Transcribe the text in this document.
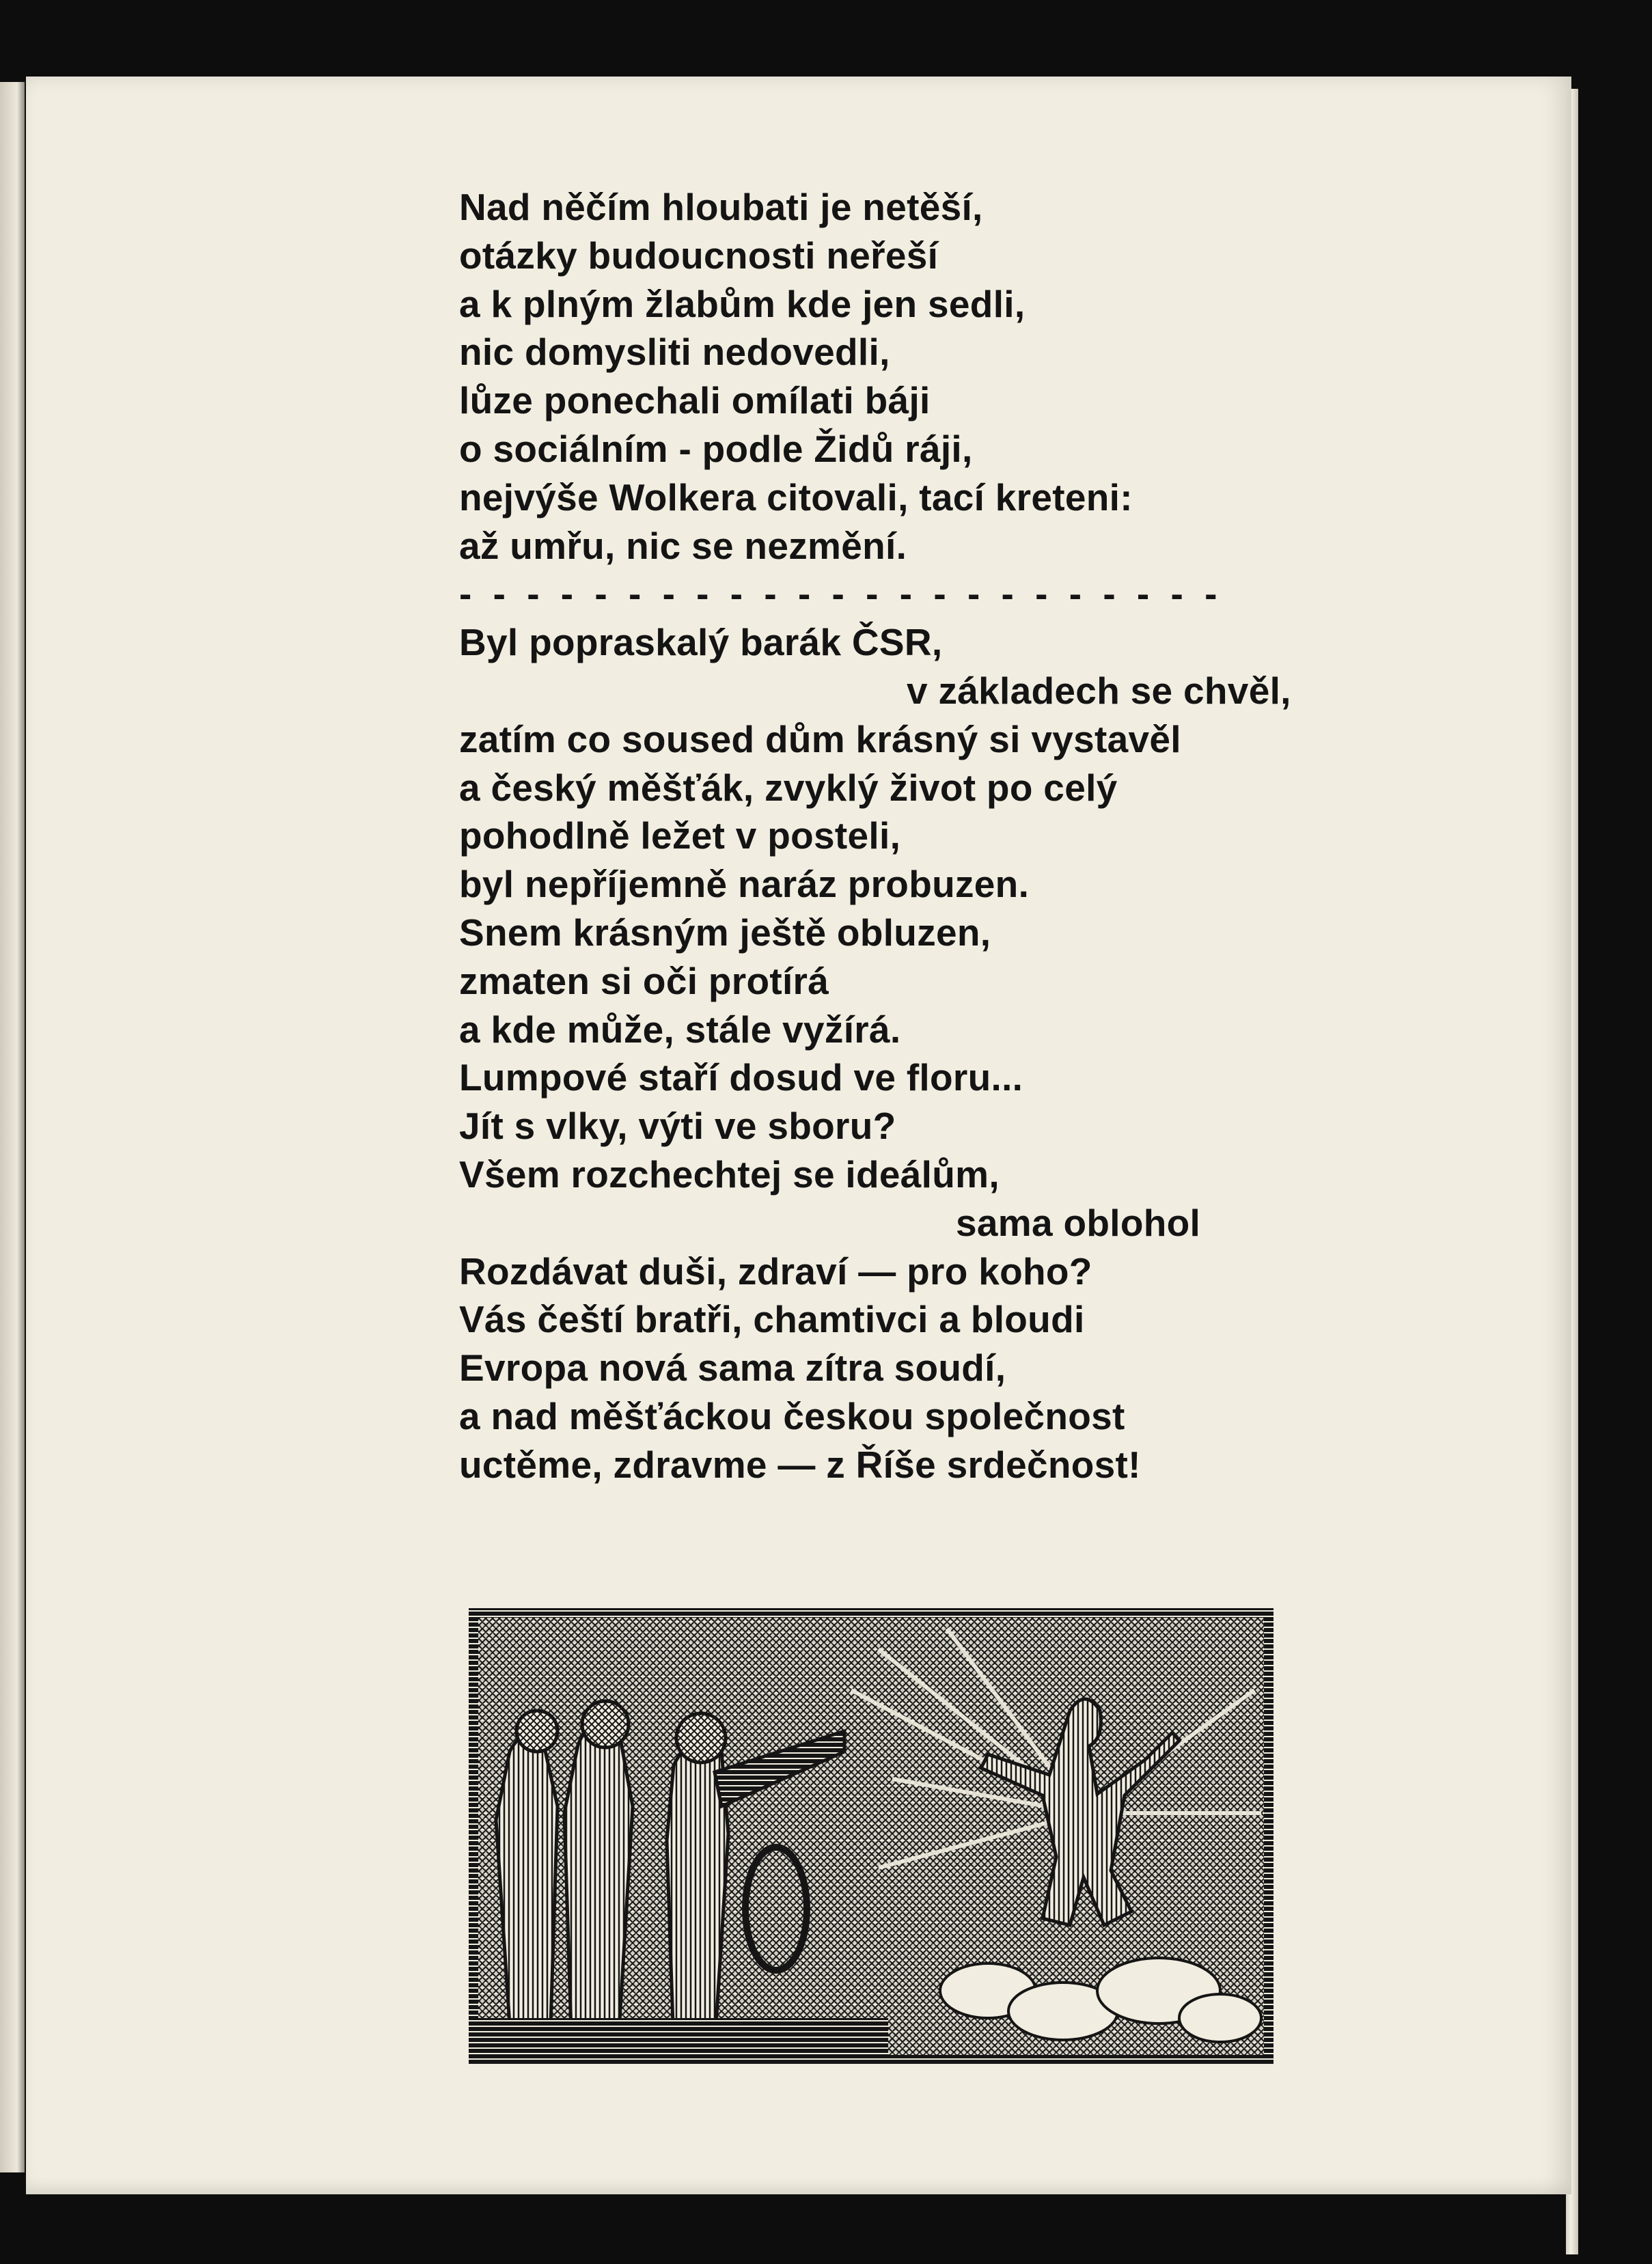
Nad něčím hloubati je netěší,
otázky budoucnosti neřeší
a k plným žlabům kde jen sedli,
nic domysliti nedovedli,
lůze ponechali omílati báji
o sociálním - podle Židů ráji,
nejvýše Wolkera citovali, tací kreteni:
až umřu, nic se nezmění.
- - - - - - - - - - - - - - - - - - - - - - -
Byl popraskalý barák ČSR,
v základech se chvěl,
zatím co soused dům krásný si vystavěl
a český měšťák, zvyklý život po celý
pohodlně ležet v posteli,
byl nepříjemně naráz probuzen.
Snem krásným ještě obluzen,
zmaten si oči protírá
a kde může, stále vyžírá.
Lumpové staří dosud ve floru...
Jít s vlky, výti ve sboru?
Všem rozchechtej se ideálům,
sama oblohol
Rozdávat duši, zdraví — pro koho?
Vás čeští bratři, chamtivci a bloudi
Evropa nová sama zítra soudí,
a nad měšťáckou českou společnost
uctěme, zdravme — z Říše srdečnost!
